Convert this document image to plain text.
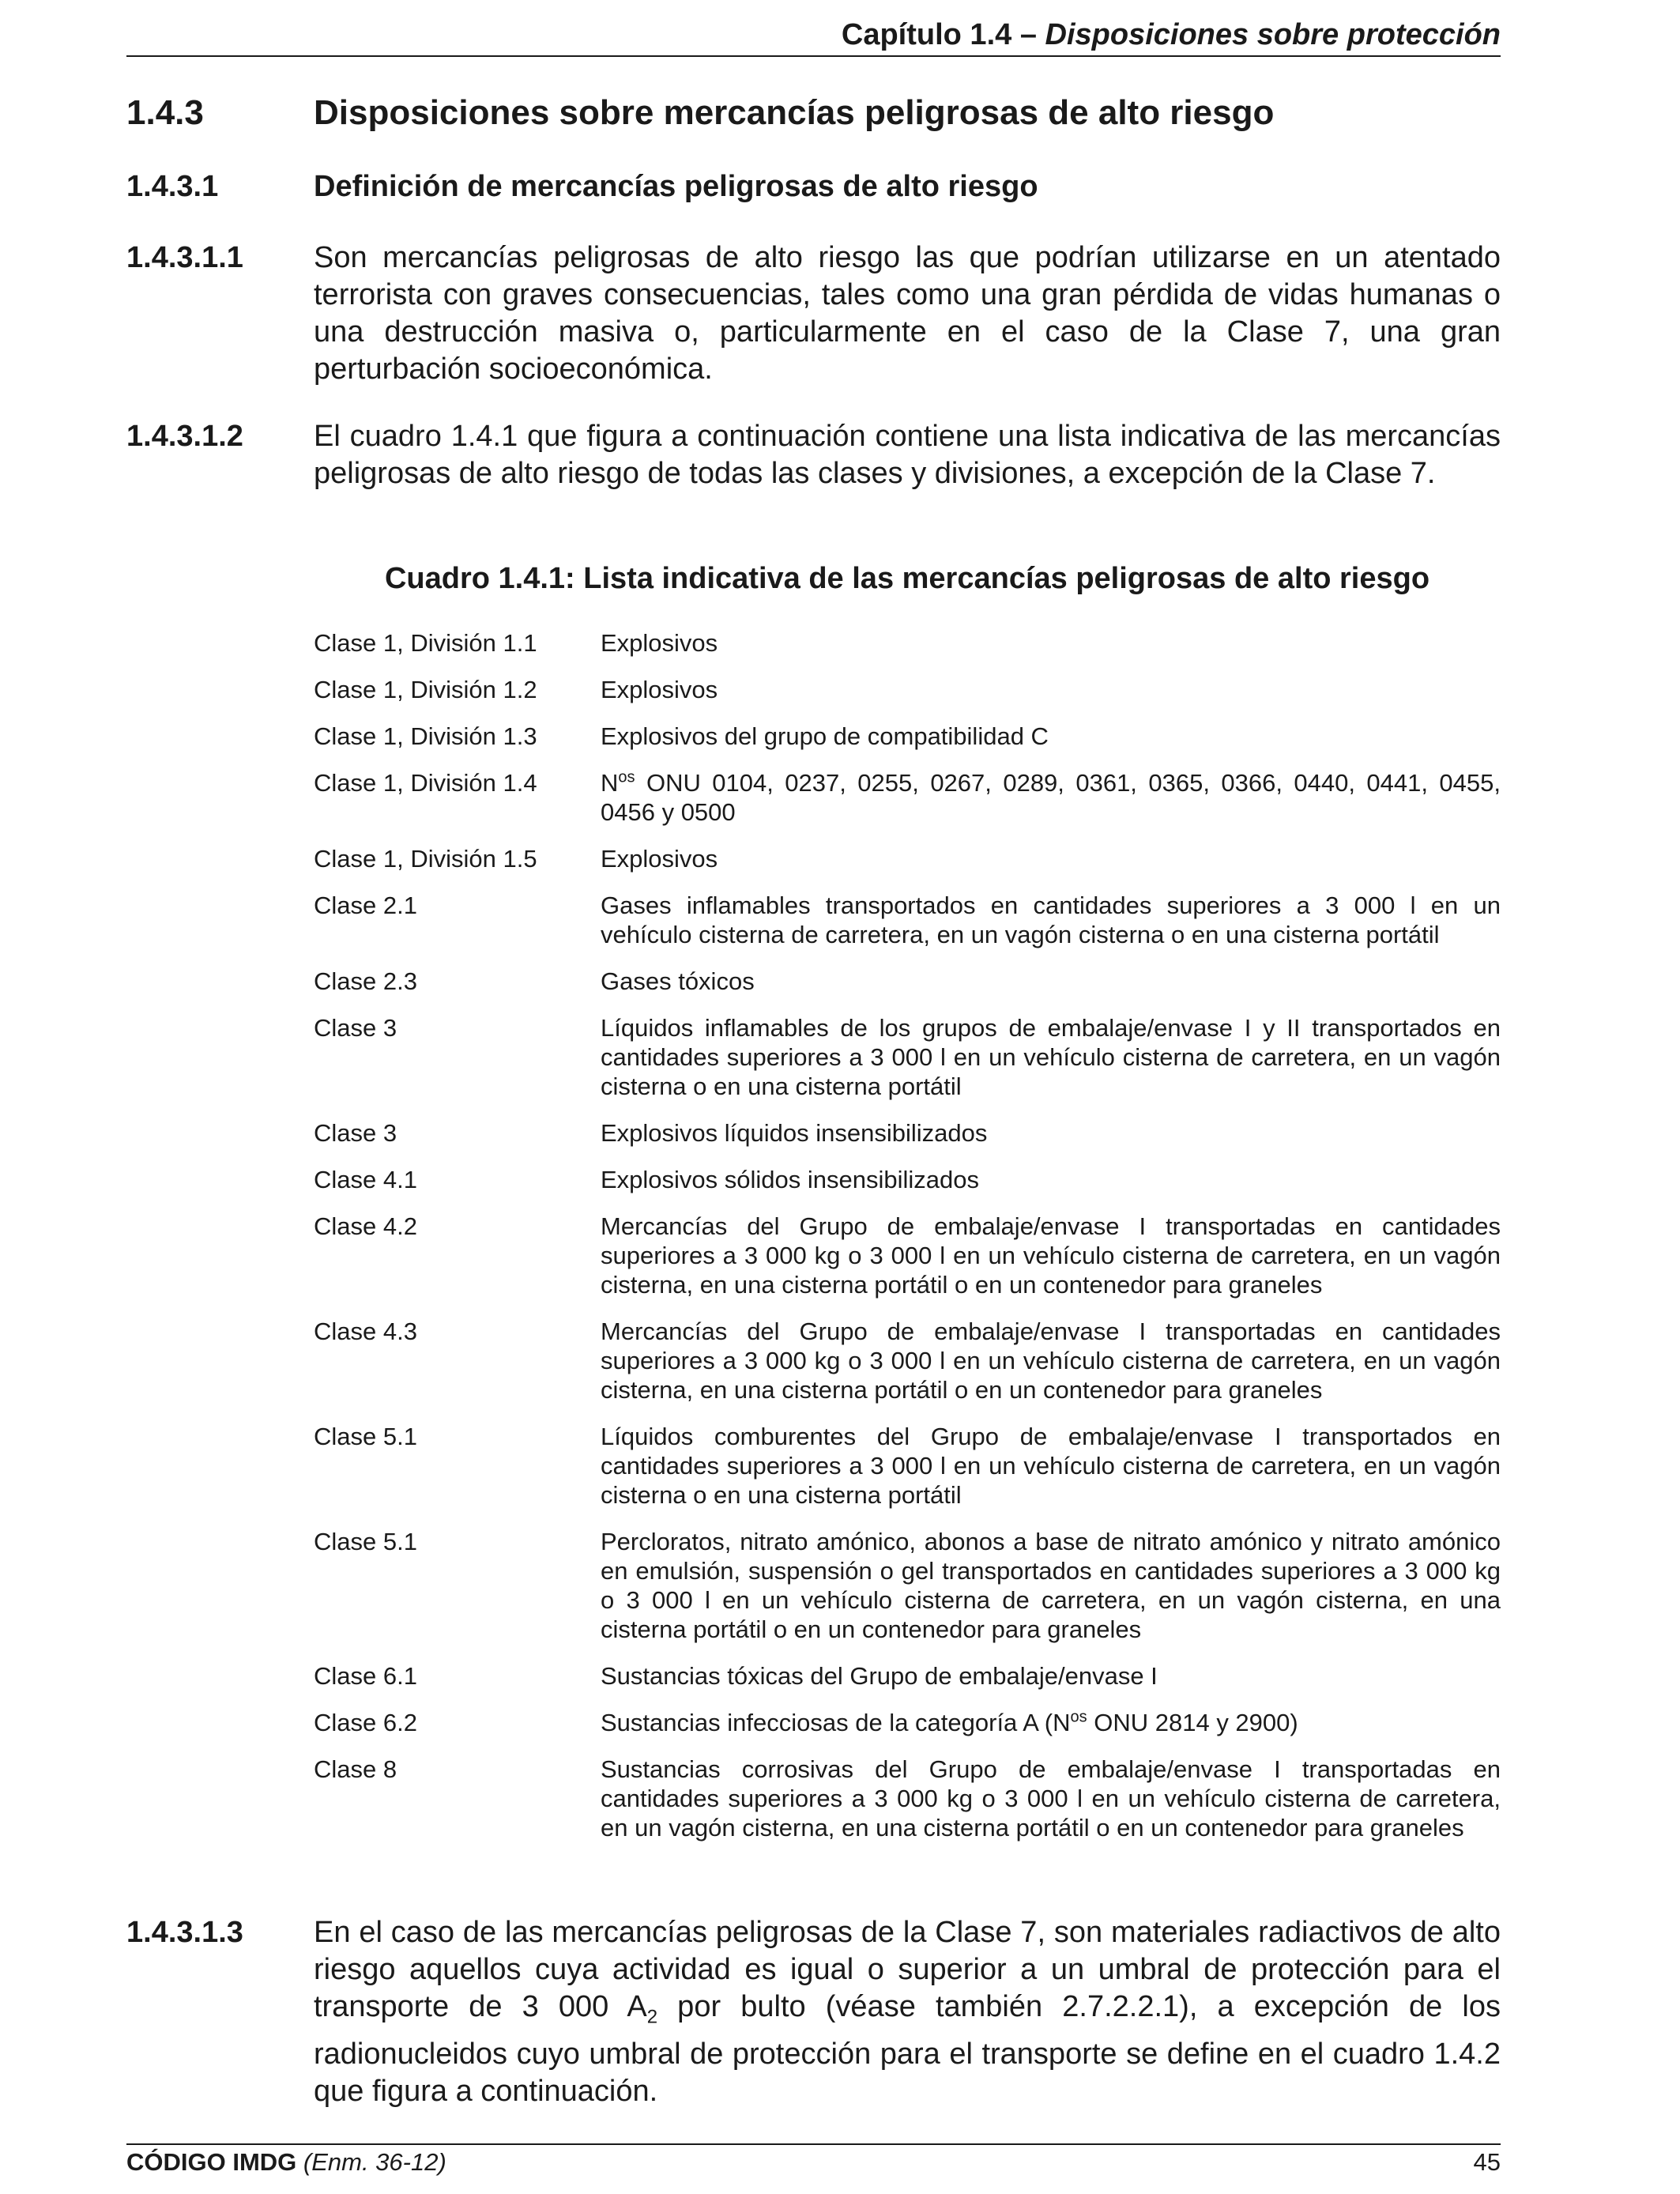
Capítulo 1.4 – Disposiciones sobre protección
1.4.3	Disposiciones sobre mercancías peligrosas de alto riesgo
1.4.3.1	Definición de mercancías peligrosas de alto riesgo
1.4.3.1.1	Son mercancías peligrosas de alto riesgo las que podrían utilizarse en un atentado terrorista con graves consecuencias, tales como una gran pérdida de vidas humanas o una destrucción masiva o, particularmente en el caso de la Clase 7, una gran perturbación socioeconómica.
1.4.3.1.2	El cuadro 1.4.1 que figura a continuación contiene una lista indicativa de las mercancías peligrosas de alto riesgo de todas las clases y divisiones, a excepción de la Clase 7.
Cuadro 1.4.1: Lista indicativa de las mercancías peligrosas de alto riesgo
Clase 1, División 1.1	Explosivos
Clase 1, División 1.2	Explosivos
Clase 1, División 1.3	Explosivos del grupo de compatibilidad C
Clase 1, División 1.4	$N^{os}$ ONU 0104, 0237, 0255, 0267, 0289, 0361, 0365, 0366, 0440, 0441, 0455, 0456 y 0500
Clase 1, División 1.5	Explosivos
Clase 2.1	Gases inflamables transportados en cantidades superiores a 3 000 l en un vehículo cisterna de carretera, en un vagón cisterna o en una cisterna portátil
Clase 2.3	Gases tóxicos
Clase 3	Líquidos inflamables de los grupos de embalaje/envase I y II transportados en cantidades superiores a 3 000 l en un vehículo cisterna de carretera, en un vagón cisterna o en una cisterna portátil
Clase 3	Explosivos líquidos insensibilizados
Clase 4.1	Explosivos sólidos insensibilizados
Clase 4.2	Mercancías del Grupo de embalaje/envase I transportadas en cantidades superiores a 3 000 kg o 3 000 l en un vehículo cisterna de carretera, en un vagón cisterna, en una cisterna portátil o en un contenedor para graneles
Clase 4.3	Mercancías del Grupo de embalaje/envase I transportadas en cantidades superiores a 3 000 kg o 3 000 l en un vehículo cisterna de carretera, en un vagón cisterna, en una cisterna portátil o en un contenedor para graneles
Clase 5.1	Líquidos comburentes del Grupo de embalaje/envase I transportados en cantidades superiores a 3 000 l en un vehículo cisterna de carretera, en un vagón cisterna o en una cisterna portátil
Clase 5.1	Percloratos, nitrato amónico, abonos a base de nitrato amónico y nitrato amónico en emulsión, suspensión o gel transportados en cantidades superiores a 3 000 kg o 3 000 l en un vehículo cisterna de carretera, en un vagón cisterna, en una cisterna portátil o en un contenedor para graneles
Clase 6.1	Sustancias tóxicas del Grupo de embalaje/envase I
Clase 6.2	Sustancias infecciosas de la categoría A ($N^{os}$ ONU 2814 y 2900)
Clase 8	Sustancias corrosivas del Grupo de embalaje/envase I transportadas en cantidades superiores a 3 000 kg o 3 000 l en un vehículo cisterna de carretera, en un vagón cisterna, en una cisterna portátil o en un contenedor para graneles
1.4.3.1.3	En el caso de las mercancías peligrosas de la Clase 7, son materiales radiactivos de alto riesgo aquellos cuya actividad es igual o superior a un umbral de protección para el transporte de 3 000 $A_2$ por bulto (véase también 2.7.2.2.1), a excepción de los radionucleidos cuyo umbral de protección para el transporte se define en el cuadro 1.4.2 que figura a continuación.
CÓDIGO IMDG (Enm. 36-12)	45
